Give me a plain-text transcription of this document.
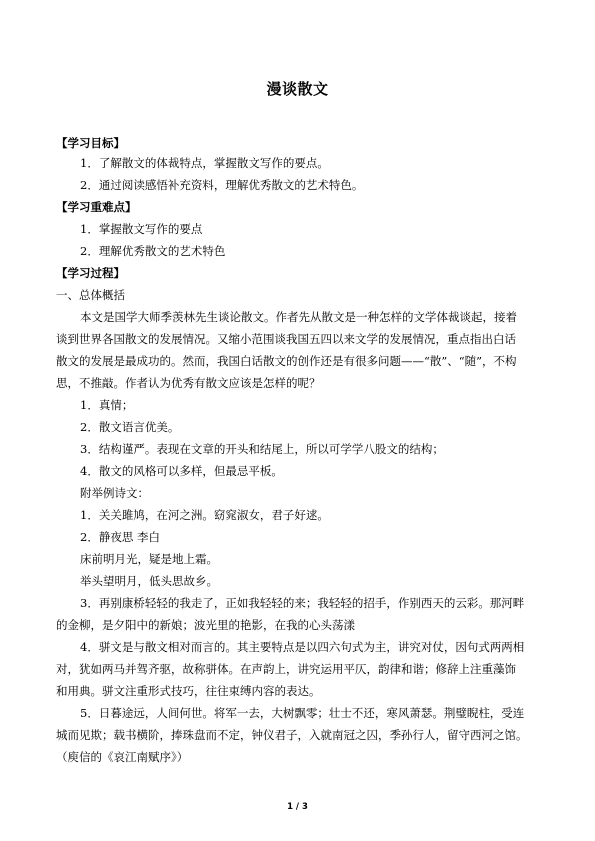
漫谈散文
【学习目标】
1．了解散文的体裁特点，掌握散文写作的要点。
2．通过阅读感悟补充资料，理解优秀散文的艺术特色。
【学习重难点】
1．掌握散文写作的要点
2．理解优秀散文的艺术特色
【学习过程】
一、总体概括
本文是国学大师季羡林先生谈论散文。作者先从散文是一种怎样的文学体裁谈起，接着
谈到世界各国散文的发展情况。又缩小范围谈我国五四以来文学的发展情况，重点指出白话
散文的发展是最成功的。然而，我国白话散文的创作还是有很多问题——“散”、“随”，不构
思，不推敲。作者认为优秀有散文应该是怎样的呢？
1．真情；
2．散文语言优美。
3．结构谨严。表现在文章的开头和结尾上，所以可学学八股文的结构；
4．散文的风格可以多样，但最忌平板。
附举例诗文：
1．关关雎鸠，在河之洲。窈窕淑女，君子好逑。
2．静夜思 李白
床前明月光，疑是地上霜。
举头望明月，低头思故乡。
3．再别康桥轻轻的我走了，正如我轻轻的来；我轻轻的招手，作别西天的云彩。那河畔
的金柳，是夕阳中的新娘；波光里的艳影，在我的心头荡漾
4．骈文是与散文相对而言的。其主要特点是以四六句式为主，讲究对仗，因句式两两相
对，犹如两马并驾齐驱，故称骈体。在声韵上，讲究运用平仄，韵律和谐；修辞上注重藻饰
和用典。骈文注重形式技巧，往往束缚内容的表达。
5．日暮途远，人间何世。将军一去，大树飘零；壮士不还，寒风萧瑟。荆璧睨柱，受连
城而见欺；载书横阶，捧珠盘而不定，钟仪君子，入就南冠之囚，季孙行人，留守西河之馆。
（庾信的《哀江南赋序》）
1 / 3
